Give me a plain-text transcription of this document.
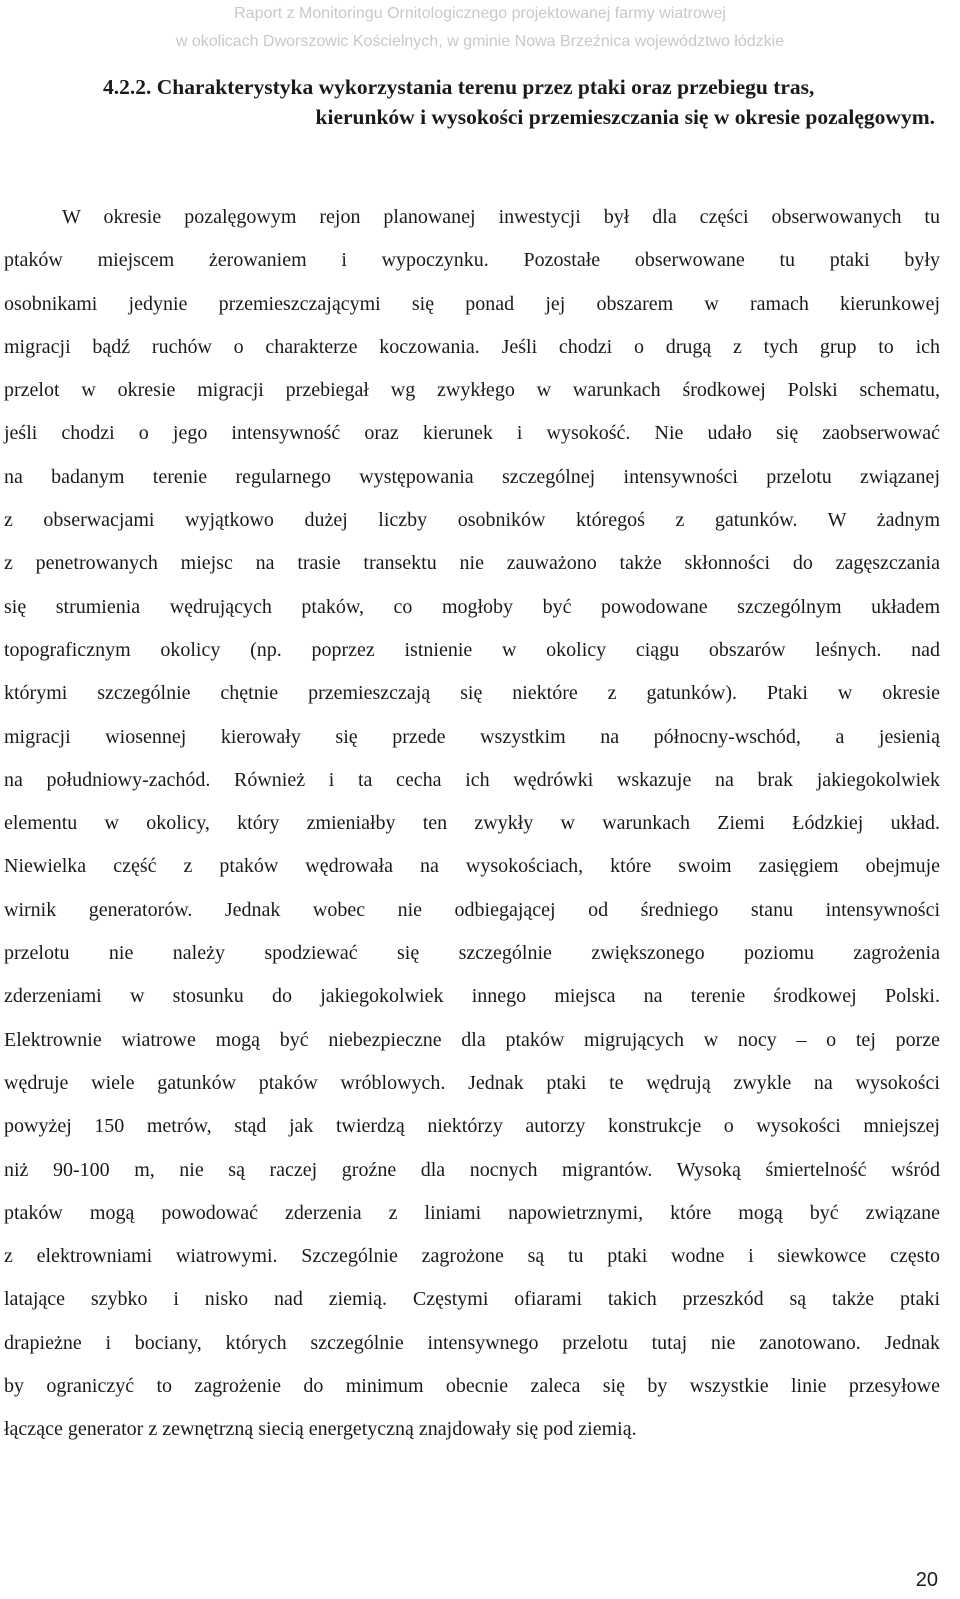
Raport z Monitoringu Ornitologicznego projektowanej farmy wiatrowej
w okolicach Dworszowic Kościelnych, w gminie Nowa Brzeźnica województwo łódzkie
4.2.2. Charakterystyka wykorzystania terenu przez ptaki oraz przebiegu tras,
kierunków i wysokości przemieszczania się w okresie pozalęgowym.
W okresie pozalęgowym rejon planowanej inwestycji był dla części obserwowanych tu
ptaków miejscem żerowaniem i wypoczynku. Pozostałe obserwowane tu ptaki były
osobnikami jedynie przemieszczającymi się ponad jej obszarem w ramach kierunkowej
migracji bądź ruchów o charakterze koczowania. Jeśli chodzi o drugą z tych grup to ich
przelot w okresie migracji przebiegał wg zwykłego w warunkach środkowej Polski schematu,
jeśli chodzi o jego intensywność oraz kierunek i wysokość. Nie udało się zaobserwować
na badanym terenie regularnego występowania szczególnej intensywności przelotu związanej
z obserwacjami wyjątkowo dużej liczby osobników któregoś z gatunków. W żadnym
z penetrowanych miejsc na trasie transektu nie zauważono także skłonności do zagęszczania
się strumienia wędrujących ptaków, co mogłoby być powodowane szczególnym układem
topograficznym okolicy (np. poprzez istnienie w okolicy ciągu obszarów leśnych. nad
którymi szczególnie chętnie przemieszczają się niektóre z gatunków). Ptaki w okresie
migracji wiosennej kierowały się przede wszystkim na północny-wschód, a jesienią
na południowy-zachód. Również i ta cecha ich wędrówki wskazuje na brak jakiegokolwiek
elementu w okolicy, który zmieniałby ten zwykły w warunkach Ziemi Łódzkiej układ.
Niewielka część z ptaków wędrowała na wysokościach, które swoim zasięgiem obejmuje
wirnik generatorów. Jednak wobec nie odbiegającej od średniego stanu intensywności
przelotu nie należy spodziewać się szczególnie zwiększonego poziomu zagrożenia
zderzeniami w stosunku do jakiegokolwiek innego miejsca na terenie środkowej Polski.
Elektrownie wiatrowe mogą być niebezpieczne dla ptaków migrujących w nocy – o tej porze
wędruje wiele gatunków ptaków wróblowych. Jednak ptaki te wędrują zwykle na wysokości
powyżej 150 metrów, stąd jak twierdzą niektórzy autorzy konstrukcje o wysokości mniejszej
niż 90-100 m, nie są raczej groźne dla nocnych migrantów. Wysoką śmiertelność wśród
ptaków mogą powodować zderzenia z liniami napowietrznymi, które mogą być związane
z elektrowniami wiatrowymi. Szczególnie zagrożone są tu ptaki wodne i siewkowce często
latające szybko i nisko nad ziemią. Częstymi ofiarami takich przeszkód są także ptaki
drapieżne i bociany, których szczególnie intensywnego przelotu tutaj nie zanotowano. Jednak
by ograniczyć to zagrożenie do minimum obecnie zaleca się by wszystkie linie przesyłowe
łączące generator z zewnętrzną siecią energetyczną znajdowały się pod ziemią.
20
